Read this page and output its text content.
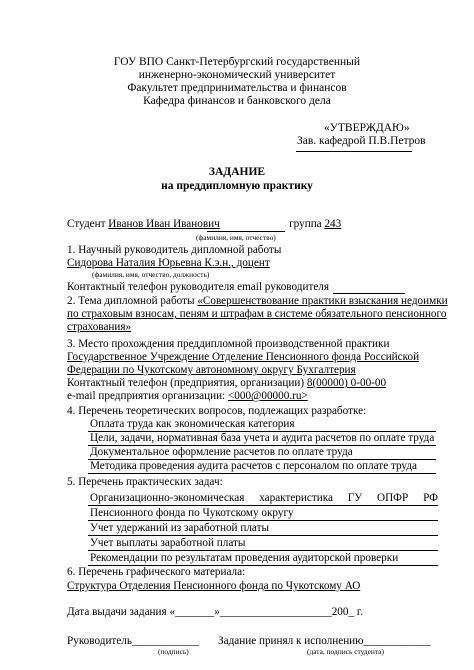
ГОУ ВПО Санкт-Петербургский государственный
инженерно-экономический университет
Факультет предпринимательства и финансов
Кафедра финансов и банковского дела
«УТВЕРЖДАЮ»
Зав. кафедрой П.В.Петров
ЗАДАНИЕ
на преддипломную практику
Студент Иванов Иван Иванович	группа 243
(фамилия, имя, отчество)
1. Научный руководитель дипломной работы
Сидорова Наталия Юрьевна К.э.н., доцент
(фамилия, имя, отчество, должность)
Контактный телефон руководителя email руководителя
2. Тема дипломной работы «Совершенствование практики взыскания недоимки
по страховым взносам, пеням и штрафам в системе обязательного пенсионного
страхования»
3. Место прохождения преддипломной производственной практики
Государственное Учреждение Отделение Пенсионного фонда Российской
Федерации по Чукотскому автономному округу Бухгалтерия
Контактный телефон (предприятия, организации) 8(00000) 0-00-00
e-mail предприятия организации: <000@00000.ru>
4. Перечень теоретических вопросов, подлежащих разработке:
Оплата труда как экономическая категория
Цели, задачи, нормативная база учета и аудита расчетов по оплате труда
Документальное оформление расчетов по оплате труда
Методика проведения аудита расчетов с персоналом по оплате труда
5. Перечень практических задач:
Организационно-экономическая характеристика ГУ ОПФР РФ
Пенсионного фонда по Чукотскому округу
Учет удержаний из заработной платы
Учет выплаты заработной платы
Рекомендации по результатам проведения аудиторской проверки
6. Перечень графического материала:
Структура Отделения Пенсионного фонда по Чукотскому АО
Дата выдачи задания «_______»____________________200_ г.
Руководитель____________ Задание принял к исполнению____________
(подпись)	(дата, подпись студента)
